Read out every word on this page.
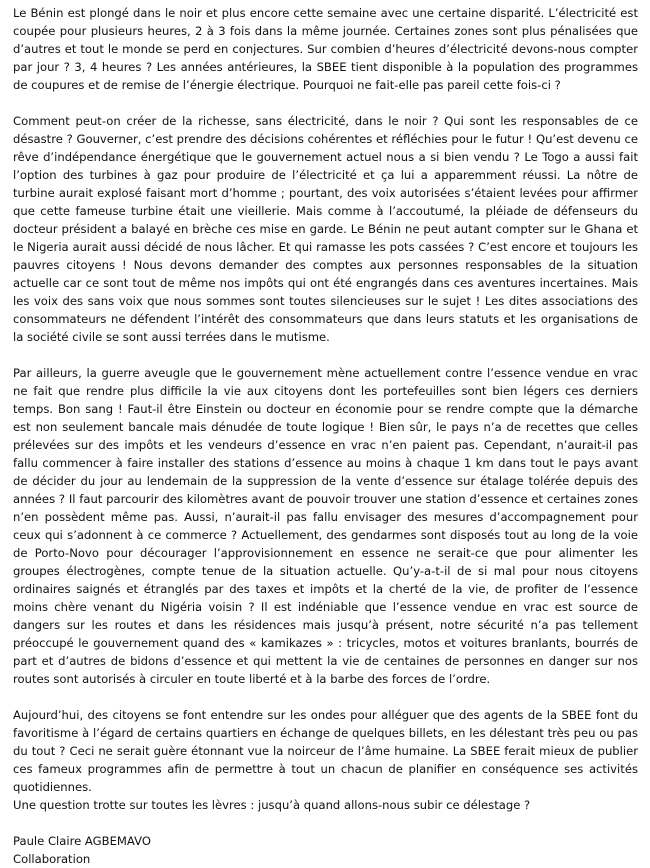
Le Bénin est plongé dans le noir et plus encore cette semaine avec une certaine disparité. L’électricité est coupée pour plusieurs heures, 2 à 3 fois dans la même journée. Certaines zones sont plus pénalisées que d’autres et tout le monde se perd en conjectures. Sur combien d’heures d’électricité devons-nous compter par jour ? 3, 4 heures ? Les années antérieures, la SBEE tient disponible à la population des programmes de coupures et de remise de l’énergie électrique. Pourquoi ne fait-elle pas pareil cette fois-ci ?

Comment peut-on créer de la richesse, sans électricité, dans le noir ? Qui sont les responsables de ce désastre ? Gouverner, c’est prendre des décisions cohérentes et réfléchies pour le futur ! Qu’est devenu ce rêve d’indépendance énergétique que le gouvernement actuel nous a si bien vendu ? Le Togo a aussi fait l’option des turbines à gaz pour produire de l’électricité et ça lui a apparemment réussi. La nôtre de turbine aurait explosé faisant mort d’homme ; pourtant, des voix autorisées s’étaient levées pour affirmer que cette fameuse turbine était une vieillerie. Mais comme à l’accoutumé, la pléiade de défenseurs du docteur président a balayé en brèche ces mise en garde. Le Bénin ne peut autant compter sur le Ghana et le Nigeria aurait aussi décidé de nous lâcher. Et qui ramasse les pots cassées ? C’est encore et toujours les pauvres citoyens ! Nous devons demander des comptes aux personnes responsables de la situation actuelle car ce sont tout de même nos impôts qui ont été engrangés dans ces aventures incertaines. Mais les voix des sans voix que nous sommes sont toutes silencieuses sur le sujet ! Les dites associations des consommateurs ne défendent l’intérêt des consommateurs que dans leurs statuts et les organisations de la société civile se sont aussi terrées dans le mutisme.

Par ailleurs, la guerre aveugle que le gouvernement mène actuellement contre l’essence vendue en vrac ne fait que rendre plus difficile la vie aux citoyens dont les portefeuilles sont bien légers ces derniers temps. Bon sang ! Faut-il être Einstein ou docteur en économie pour se rendre compte que la démarche est non seulement bancale mais dénudée de toute logique ! Bien sûr, le pays n’a de recettes que celles prélevées sur des impôts et les vendeurs d’essence en vrac n’en paient pas. Cependant, n’aurait-il pas fallu commencer à faire installer des stations d’essence au moins à chaque 1 km dans tout le pays avant de décider du jour au lendemain de la suppression de la vente d’essence sur étalage tolérée depuis des années ? Il faut parcourir des kilomètres avant de pouvoir trouver une station d’essence et certaines zones n’en possèdent même pas. Aussi, n’aurait-il pas fallu envisager des mesures d’accompagnement pour ceux qui s’adonnent à ce commerce ? Actuellement, des gendarmes sont disposés tout au long de la voie de Porto-Novo pour décourager l’approvisionnement en essence ne serait-ce que pour alimenter les groupes électrogènes, compte tenue de la situation actuelle. Qu’y-a-t-il de si mal pour nous citoyens ordinaires saignés et étranglés par des taxes et impôts et la cherté de la vie, de profiter de l’essence moins chère venant du Nigéria voisin ? Il est indéniable que l’essence vendue en vrac est source de dangers sur les routes et dans les résidences mais jusqu’à présent, notre sécurité n’a pas tellement préoccupé le gouvernement quand des « kamikazes » : tricycles, motos et voitures branlants, bourrés de part et d’autres de bidons d’essence et qui mettent la vie de centaines de personnes en danger sur nos routes sont autorisés à circuler en toute liberté et à la barbe des forces de l’ordre.

Aujourd’hui, des citoyens se font entendre sur les ondes pour alléguer que des agents de la SBEE font du favoritisme à l’égard de certains quartiers en échange de quelques billets, en les délestant très peu ou pas du tout ? Ceci ne serait guère étonnant vue la noirceur de l’âme humaine. La SBEE ferait mieux de publier ces fameux programmes afin de permettre à tout un chacun de planifier en conséquence ses activités quotidiennes.

Une question trotte sur toutes les lèvres : jusqu’à quand allons-nous subir ce délestage ?

Paule Claire AGBEMAVO
Collaboration
